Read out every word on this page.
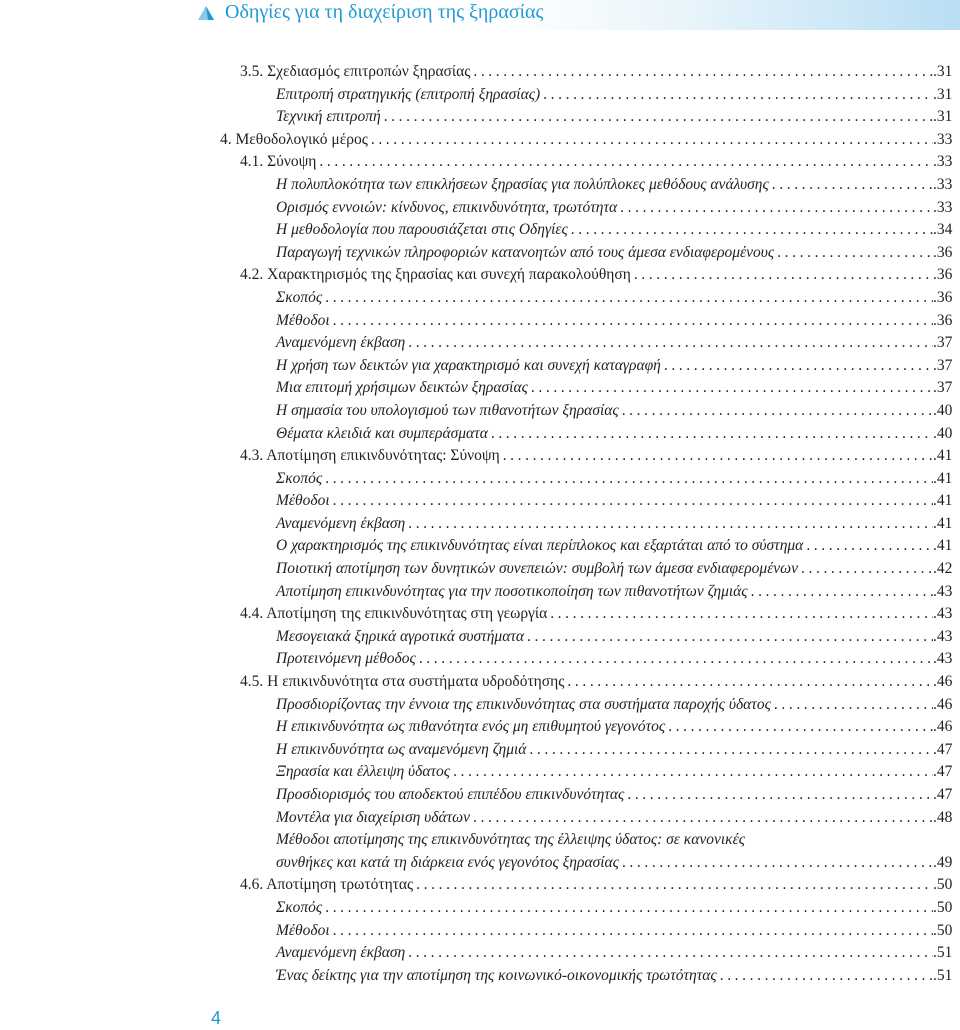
Οδηγίες για τη διαχείριση της ξηρασίας
3.5. Σχεδιασμός επιτροπών ξηρασίας .....	.31
Επιτροπή στρατηγικής (επιτροπή ξηρασίας) .....	.31
Τεχνική επιτροπή .....	.31
4. Μεθοδολογικό μέρος .....	.33
4.1. Σύνοψη .....	.33
Η πολυπλοκότητα των επικλήσεων ξηρασίας για πολύπλοκες μεθόδους ανάλυσης .....	.33
Ορισμός εννοιών: κίνδυνος, επικινδυνότητα, τρωτότητα .....	.33
Η μεθοδολογία που παρουσιάζεται στις Οδηγίες .....	.34
Παραγωγή τεχνικών πληροφοριών κατανοητών από τους άμεσα ενδιαφερομένους .....	.36
4.2. Χαρακτηρισμός της ξηρασίας και συνεχή παρακολούθηση .....	.36
Σκοπός .....	.36
Μέθοδοι .....	.36
Αναμενόμενη έκβαση .....	.37
Η χρήση των δεικτών για χαρακτηρισμό και συνεχή καταγραφή .....	.37
Μια επιτομή χρήσιμων δεικτών ξηρασίας .....	.37
Η σημασία του υπολογισμού των πιθανοτήτων ξηρασίας .....	.40
Θέματα κλειδιά και συμπεράσματα .....	.40
4.3. Αποτίμηση επικινδυνότητας: Σύνοψη .....	.41
Σκοπός .....	.41
Μέθοδοι .....	.41
Αναμενόμενη έκβαση .....	.41
Ο χαρακτηρισμός της επικινδυνότητας είναι περίπλοκος και εξαρτάται από το σύστημα .....	.41
Ποιοτική αποτίμηση των δυνητικών συνεπειών: συμβολή των άμεσα ενδιαφερομένων .....	.42
Αποτίμηση επικινδυνότητας για την ποσοτικοποίηση των πιθανοτήτων ζημιάς .....	.43
4.4. Αποτίμηση της επικινδυνότητας στη γεωργία .....	.43
Μεσογειακά ξηρικά αγροτικά συστήματα .....	.43
Προτεινόμενη μέθοδος .....	.43
4.5. Η επικινδυνότητα στα συστήματα υδροδότησης .....	.46
Προσδιορίζοντας την έννοια της επικινδυνότητας στα συστήματα παροχής ύδατος .....	.46
Η επικινδυνότητα ως πιθανότητα ενός μη επιθυμητού γεγονότος .....	.46
Η επικινδυνότητα ως αναμενόμενη ζημιά .....	.47
Ξηρασία και έλλειψη ύδατος .....	.47
Προσδιορισμός του αποδεκτού επιπέδου επικινδυνότητας .....	.47
Μοντέλα για διαχείριση υδάτων .....	.48
Μέθοδοι αποτίμησης της επικινδυνότητας της έλλειψης ύδατος: σε κανονικές
συνθήκες και κατά τη διάρκεια ενός γεγονότος ξηρασίας .....	.49
4.6. Αποτίμηση τρωτότητας .....	.50
Σκοπός .....	.50
Μέθοδοι .....	.50
Αναμενόμενη έκβαση .....	.51
Ένας δείκτης για την αποτίμηση της κοινωνικό-οικονομικής τρωτότητας .....	.51
4
